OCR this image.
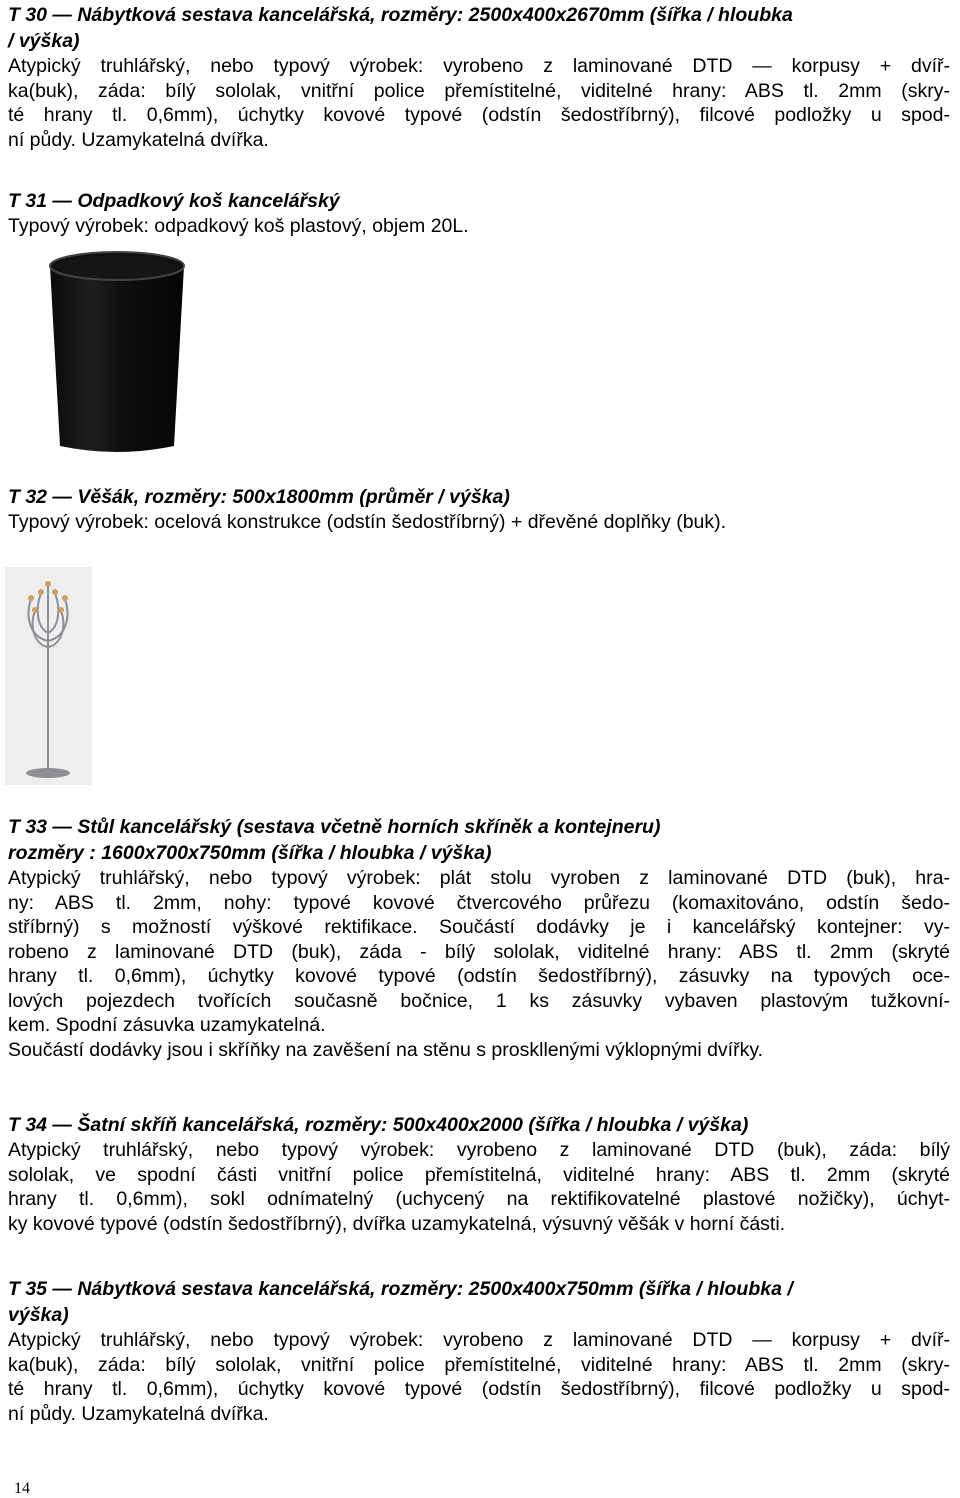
T 30 — Nábytková sestava kancelářská, rozměry: 2500x400x2670mm (šířka / hloubka
/ výška)
Atypický truhlářský, nebo typový výrobek: vyrobeno z laminované DTD — korpusy + dvíř-
ka(buk), záda: bílý sololak, vnitřní police přemístitelné, viditelné hrany: ABS tl. 2mm (skry-
té hrany tl. 0,6mm), úchytky kovové typové (odstín šedostříbrný), filcové podložky u spod-
ní půdy. Uzamykatelná dvířka.
T 31 — Odpadkový koš kancelářský
Typový výrobek: odpadkový koš plastový, objem 20L.
T 32 — Věšák, rozměry: 500x1800mm (průměr / výška)
Typový výrobek: ocelová konstrukce (odstín šedostříbrný) + dřevěné doplňky (buk).
T 33 — Stůl kancelářský (sestava včetně horních skříněk a kontejneru)
rozměry : 1600x700x750mm (šířka / hloubka / výška)
Atypický truhlářský, nebo typový výrobek: plát stolu vyroben z laminované DTD (buk), hra-
ny: ABS tl. 2mm, nohy: typové kovové čtvercového průřezu (komaxitováno, odstín šedo-
stříbrný) s možností výškové rektifikace. Součástí dodávky je i kancelářský kontejner: vy-
robeno z laminované DTD (buk), záda - bílý sololak, viditelné hrany: ABS tl. 2mm (skryté
hrany tl. 0,6mm), úchytky kovové typové (odstín šedostříbrný), zásuvky na typových oce-
lových pojezdech tvořících současně bočnice, 1 ks zásuvky vybaven plastovým tužkovní-
kem. Spodní zásuvka uzamykatelná.
Součástí dodávky jsou i skříňky na zavěšení na stěnu s proskllenými výklopnými dvířky.
T 34 — Šatní skříň kancelářská, rozměry: 500x400x2000 (šířka / hloubka / výška)
Atypický truhlářský, nebo typový výrobek: vyrobeno z laminované DTD (buk), záda: bílý
sololak, ve spodní části vnitřní police přemístitelná, viditelné hrany: ABS tl. 2mm (skryté
hrany tl. 0,6mm), sokl odnímatelný (uchycený na rektifikovatelné plastové nožičky), úchyt-
ky kovové typové (odstín šedostříbrný), dvířka uzamykatelná, výsuvný věšák v horní části.
T 35 — Nábytková sestava kancelářská, rozměry: 2500x400x750mm (šířka / hloubka /
výška)
Atypický truhlářský, nebo typový výrobek: vyrobeno z laminované DTD — korpusy + dvíř-
ka(buk), záda: bílý sololak, vnitřní police přemístitelné, viditelné hrany: ABS tl. 2mm (skry-
té hrany tl. 0,6mm), úchytky kovové typové (odstín šedostříbrný), filcové podložky u spod-
ní půdy. Uzamykatelná dvířka.
14
